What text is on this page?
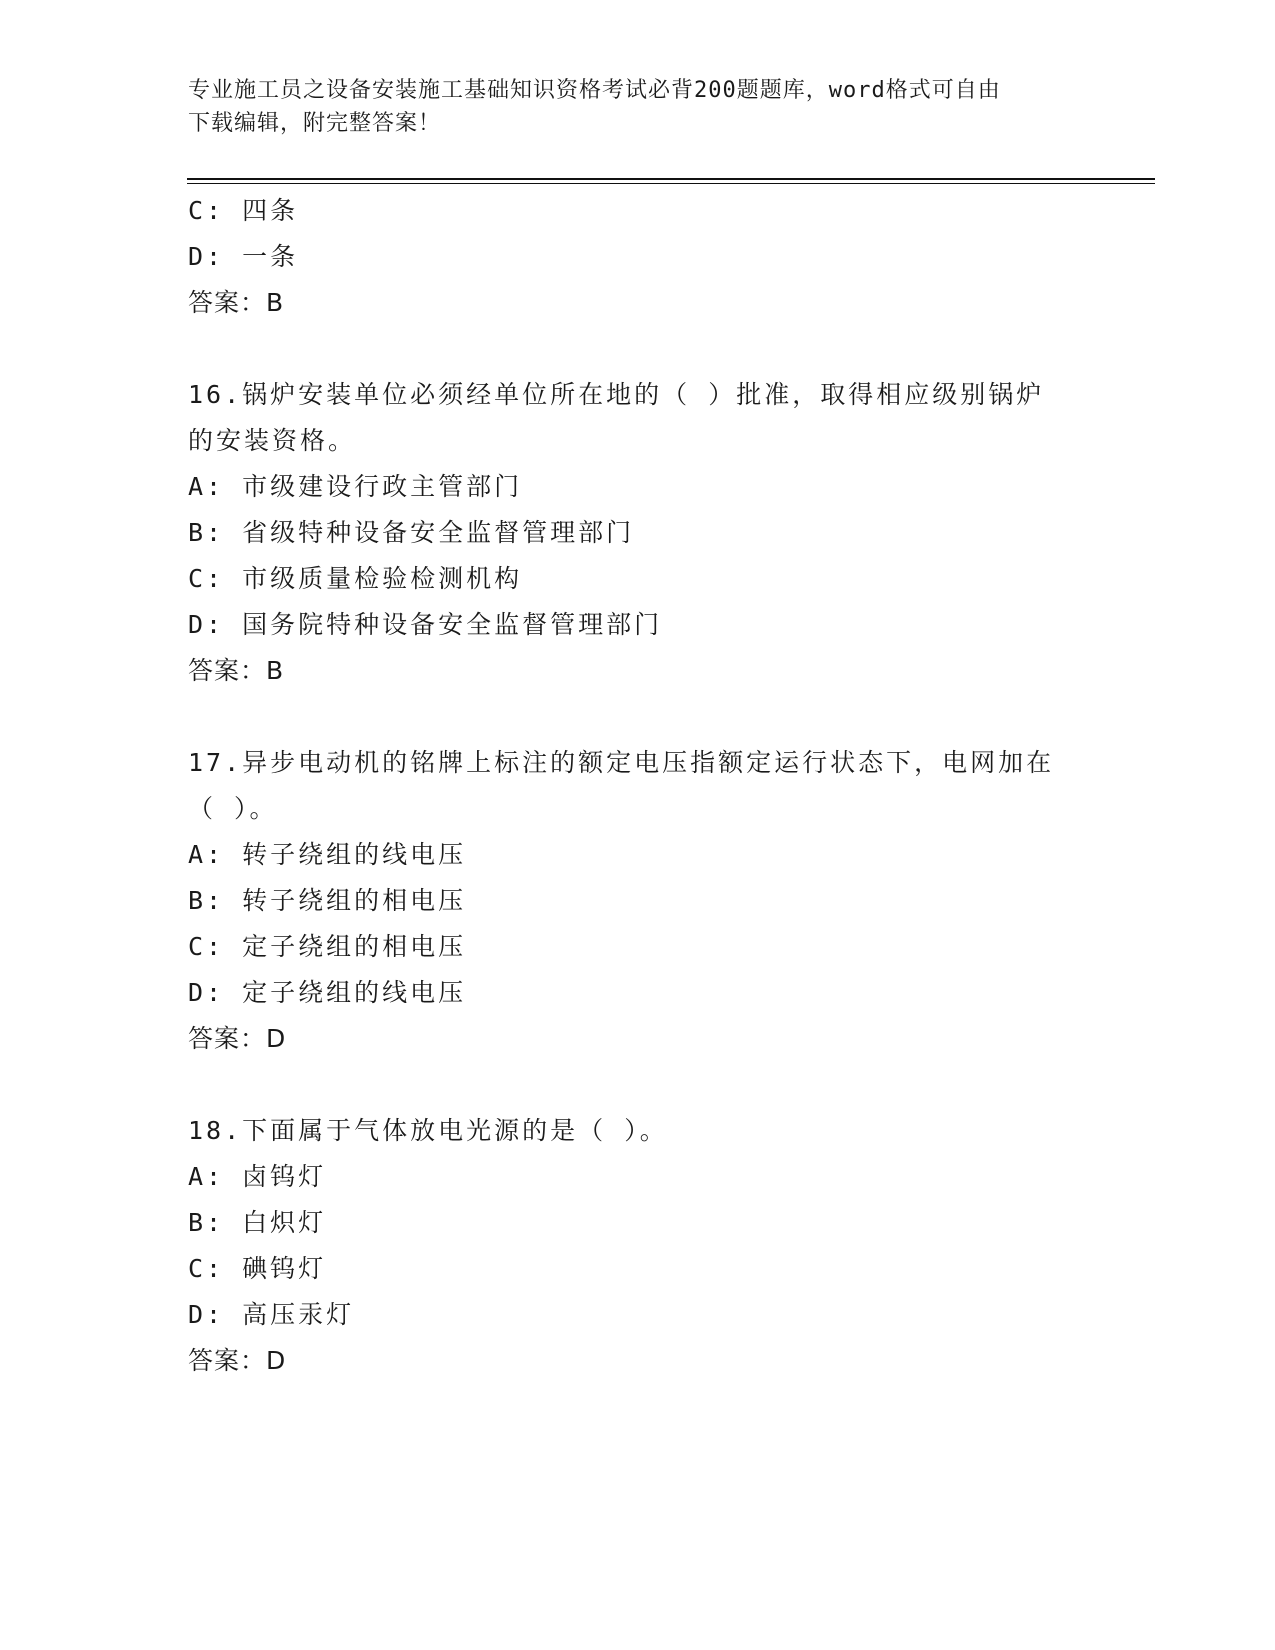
专业施工员之设备安装施工基础知识资格考试必背200题题库，word格式可自由
下载编辑，附完整答案！
C: 四条
D: 一条
答案：B
16.锅炉安装单位必须经单位所在地的（ ）批准，取得相应级别锅炉
的安装资格。
A: 市级建设行政主管部门
B: 省级特种设备安全监督管理部门
C: 市级质量检验检测机构
D: 国务院特种设备安全监督管理部门
答案：B
17.异步电动机的铭牌上标注的额定电压指额定运行状态下，电网加在
（ ）。
A: 转子绕组的线电压
B: 转子绕组的相电压
C: 定子绕组的相电压
D: 定子绕组的线电压
答案：D
18.下面属于气体放电光源的是（ ）。
A: 卤钨灯
B: 白炽灯
C: 碘钨灯
D: 高压汞灯
答案：D
